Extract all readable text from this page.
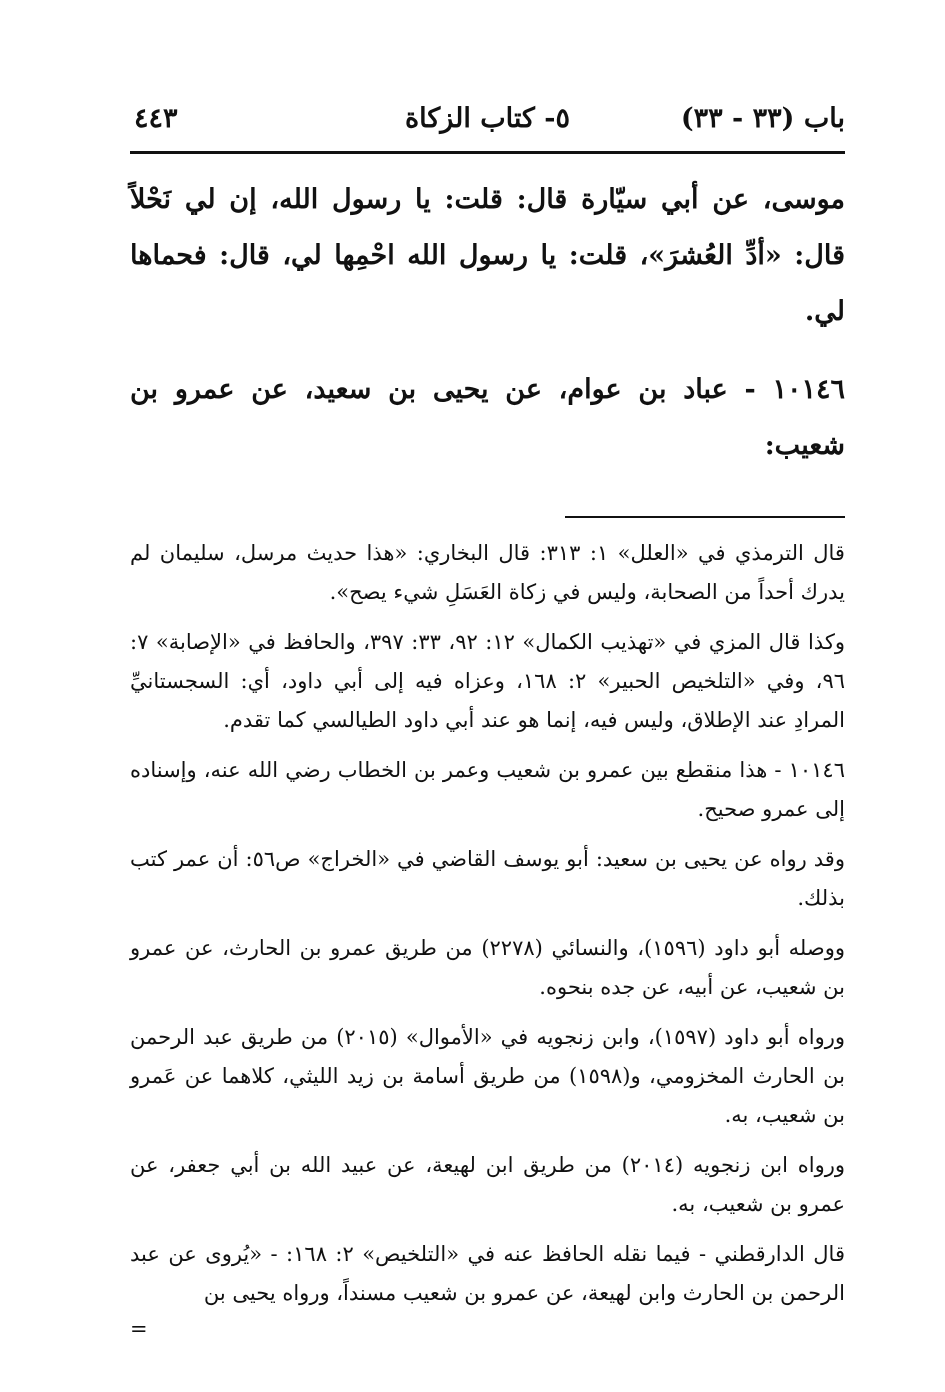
باب (٣٣ - ٣٣)
٥- كتاب الزكاة
٤٤٣

موسى، عن أبي سيّارة قال: قلت: يا رسول الله، إن لي نَحْلاً قال: «أدِّ العُشرَ»، قلت: يا رسول الله احْمِها لي، قال: فحماها لي.

١٠١٤٦ - عباد بن عوام، عن يحيى بن سعيد، عن عمرو بن شعيب:

قال الترمذي في «العلل» ١: ٣١٣: قال البخاري: «هذا حديث مرسل، سليمان لم يدرك أحداً من الصحابة، وليس في زكاة العَسَلِ شيء يصح».

وكذا قال المزي في «تهذيب الكمال» ١٢: ٩٢، ٣٣: ٣٩٧، والحافظ في «الإصابة» ٧: ٩٦، وفي «التلخيص الحبير» ٢: ١٦٨، وعزاه فيه إلى أبي داود، أي: السجستانيِّ المرادِ عند الإطلاق، وليس فيه، إنما هو عند أبي داود الطيالسي كما تقدم.

١٠١٤٦ - هذا منقطع بين عمرو بن شعيب وعمر بن الخطاب رضي الله عنه، وإسناده إلى عمرو صحيح.

وقد رواه عن يحيى بن سعيد: أبو يوسف القاضي في «الخراج» ص٥٦: أن عمر كتب بذلك.

ووصله أبو داود (١٥٩٦)، والنسائي (٢٢٧٨) من طريق عمرو بن الحارث، عن عمرو بن شعيب، عن أبيه، عن جده بنحوه.

ورواه أبو داود (١٥٩٧)، وابن زنجويه في «الأموال» (٢٠١٥) من طريق عبد الرحمن بن الحارث المخزومي، و(١٥٩٨) من طريق أسامة بن زيد الليثي، كلاهما عن عَمرو بن شعيب، به.

ورواه ابن زنجويه (٢٠١٤) من طريق ابن لهيعة، عن عبيد الله بن أبي جعفر، عن عمرو بن شعيب، به.

قال الدارقطني - فيما نقله الحافظ عنه في «التلخيص» ٢: ١٦٨: - «يُروى عن عبد الرحمن بن الحارث وابن لهيعة، عن عمرو بن شعيب مسنداً، ورواه يحيى بن

=
